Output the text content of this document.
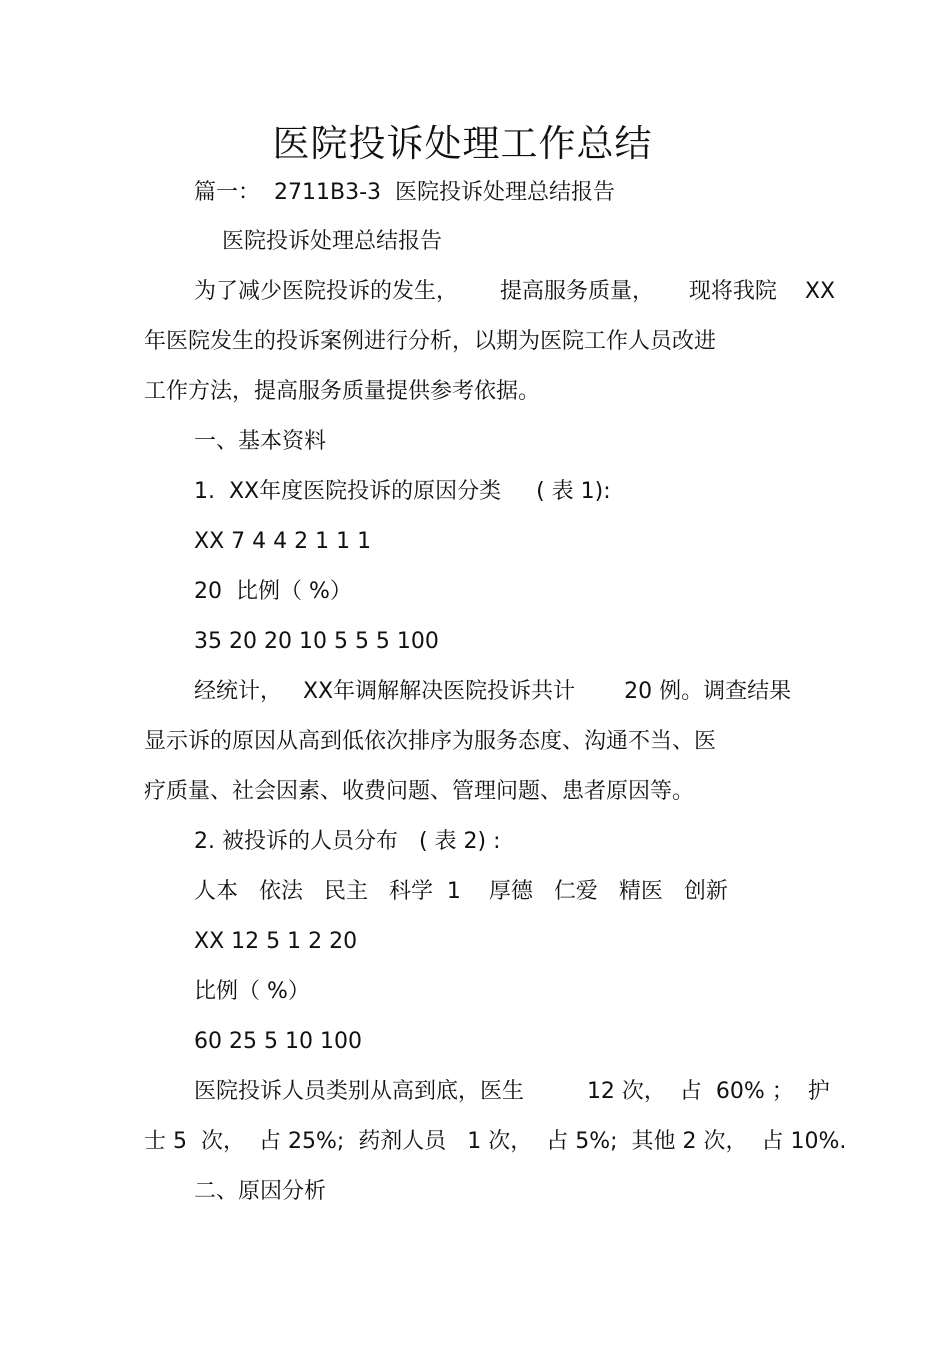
医院投诉处理工作总结
篇一：  2711B3-3  医院投诉处理总结报告
医院投诉处理总结报告
为了减少医院投诉的发生，      提高服务质量，     现将我院    XX
年医院发生的投诉案例进行分析，以期为医院工作人员改进
工作方法，提高服务质量提供参考依据。
一、基本资料
1.  XX年度医院投诉的原因分类     ( 表 1):
XX 7 4 4 2 1 1 1
20  比例（ %）
35 20 20 10 5 5 5 100
经统计，   XX年调解解决医院投诉共计       20 例。调查结果
显示诉的原因从高到低依次排序为服务态度、沟通不当、医
疗质量、社会因素、收费问题、管理问题、患者原因等。
2. 被投诉的人员分布   ( 表 2) :
人本   依法   民主   科学  1    厚德   仁爱   精医   创新
XX 12 5 1 2 20
比例（ %）
60 25 5 10 100
医院投诉人员类别从高到底，医生         12 次，  占  60% ；  护
士 5  次，  占 25%;  药剂人员   1 次，  占 5%;  其他 2 次，  占 10%.
二、原因分析
